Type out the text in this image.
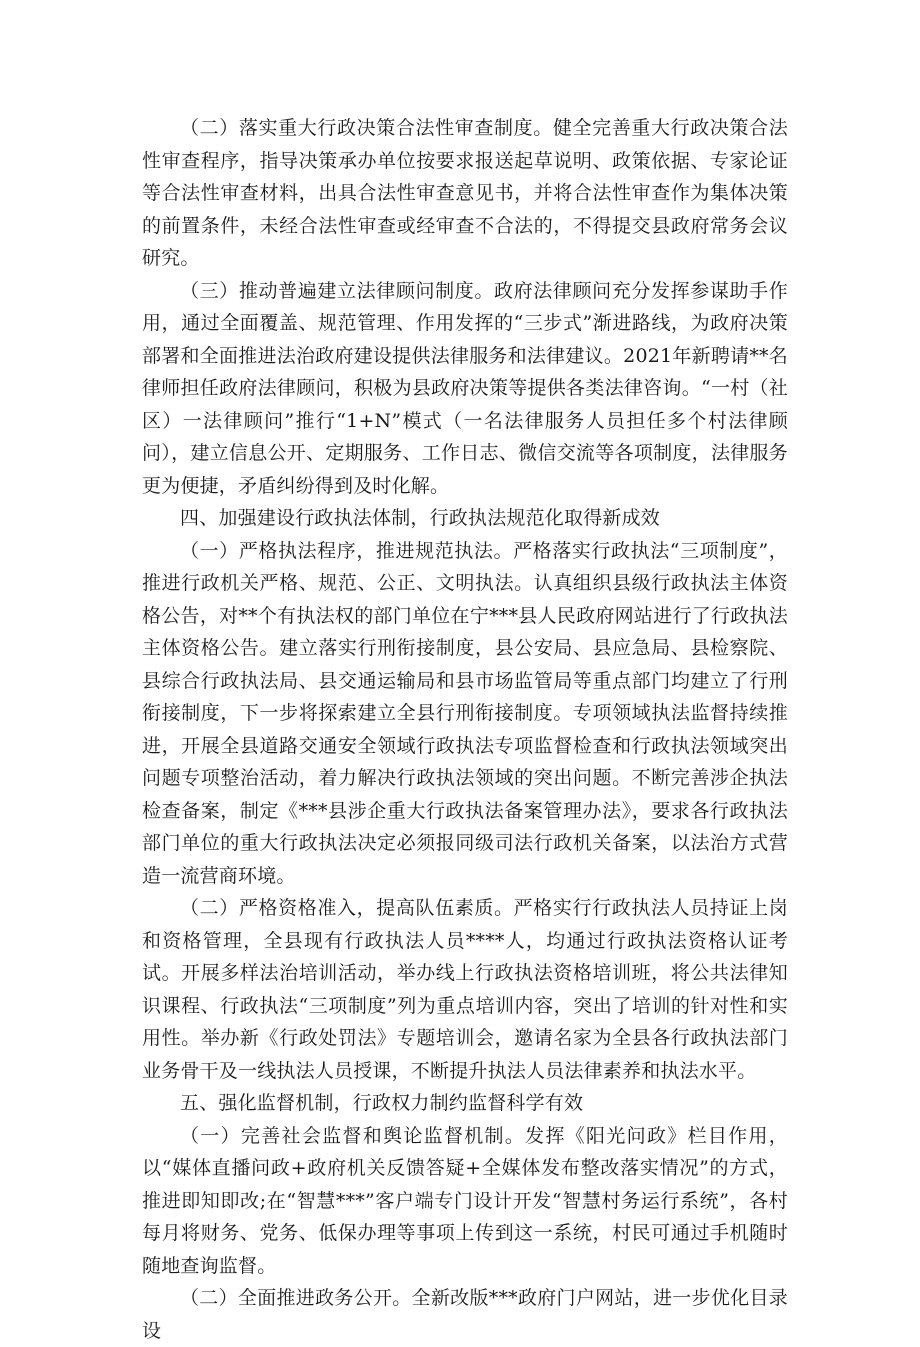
（二）落实重大行政决策合法性审查制度。健全完善重大行政决策合法性审查程序，指导决策承办单位按要求报送起草说明、政策依据、专家论证等合法性审查材料，出具合法性审查意见书，并将合法性审查作为集体决策的前置条件，未经合法性审查或经审查不合法的，不得提交县政府常务会议研究。

（三）推动普遍建立法律顾问制度。政府法律顾问充分发挥参谋助手作用，通过全面覆盖、规范管理、作用发挥的“三步式”渐进路线，为政府决策部署和全面推进法治政府建设提供法律服务和法律建议。2021年新聘请**名律师担任政府法律顾问，积极为县政府决策等提供各类法律咨询。“一村（社区）一法律顾问”推行“1+N”模式（一名法律服务人员担任多个村法律顾问），建立信息公开、定期服务、工作日志、微信交流等各项制度，法律服务更为便捷，矛盾纠纷得到及时化解。

四、加强建设行政执法体制，行政执法规范化取得新成效

（一）严格执法程序，推进规范执法。严格落实行政执法“三项制度”，推进行政机关严格、规范、公正、文明执法。认真组织县级行政执法主体资格公告，对**个有执法权的部门单位在宁***县人民政府网站进行了行政执法主体资格公告。建立落实行刑衔接制度，县公安局、县应急局、县检察院、县综合行政执法局、县交通运输局和县市场监管局等重点部门均建立了行刑衔接制度，下一步将探索建立全县行刑衔接制度。专项领域执法监督持续推进，开展全县道路交通安全领域行政执法专项监督检查和行政执法领域突出问题专项整治活动，着力解决行政执法领域的突出问题。不断完善涉企执法检查备案，制定《***县涉企重大行政执法备案管理办法》，要求各行政执法部门单位的重大行政执法决定必须报同级司法行政机关备案，以法治方式营造一流营商环境。

（二）严格资格准入，提高队伍素质。严格实行行政执法人员持证上岗和资格管理，全县现有行政执法人员****人，均通过行政执法资格认证考试。开展多样法治培训活动，举办线上行政执法资格培训班，将公共法律知识课程、行政执法“三项制度”列为重点培训内容，突出了培训的针对性和实用性。举办新《行政处罚法》专题培训会，邀请名家为全县各行政执法部门业务骨干及一线执法人员授课，不断提升执法人员法律素养和执法水平。

五、强化监督机制，行政权力制约监督科学有效

（一）完善社会监督和舆论监督机制。发挥《阳光问政》栏目作用，以“媒体直播问政+政府机关反馈答疑+全媒体发布整改落实情况”的方式，推进即知即改;在“智慧***”客户端专门设计开发“智慧村务运行系统”，各村每月将财务、党务、低保办理等事项上传到这一系统，村民可通过手机随时随地查询监督。

（二）全面推进政务公开。全新改版***政府门户网站，进一步优化目录设
